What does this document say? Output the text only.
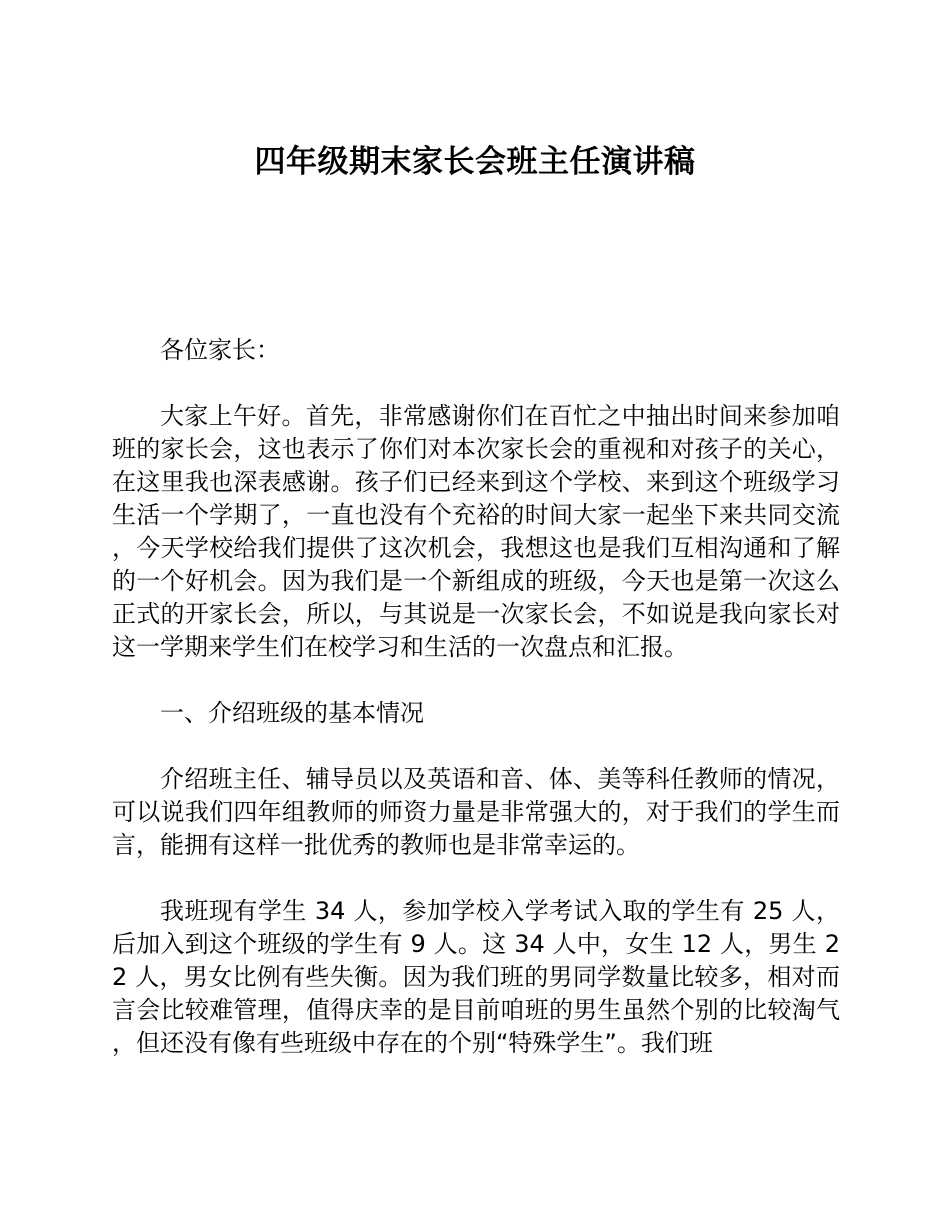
四年级期末家长会班主任演讲稿

各位家长：

大家上午好。首先，非常感谢你们在百忙之中抽出时间来参加咱班的家长会，这也表示了你们对本次家长会的重视和对孩子的关心，在这里我也深表感谢。孩子们已经来到这个学校、来到这个班级学习生活一个学期了，一直也没有个充裕的时间大家一起坐下来共同交流，今天学校给我们提供了这次机会，我想这也是我们互相沟通和了解的一个好机会。因为我们是一个新组成的班级，今天也是第一次这么正式的开家长会，所以，与其说是一次家长会，不如说是我向家长对这一学期来学生们在校学习和生活的一次盘点和汇报。

一、介绍班级的基本情况

介绍班主任、辅导员以及英语和音、体、美等科任教师的情况，可以说我们四年组教师的师资力量是非常强大的，对于我们的学生而言，能拥有这样一批优秀的教师也是非常幸运的。

我班现有学生 34 人，参加学校入学考试入取的学生有 25 人，后加入到这个班级的学生有 9 人。这 34 人中，女生 12 人，男生 22 人，男女比例有些失衡。因为我们班的男同学数量比较多，相对而言会比较难管理，值得庆幸的是目前咱班的男生虽然个别的比较淘气，但还没有像有些班级中存在的个别“特殊学生”。我们班
